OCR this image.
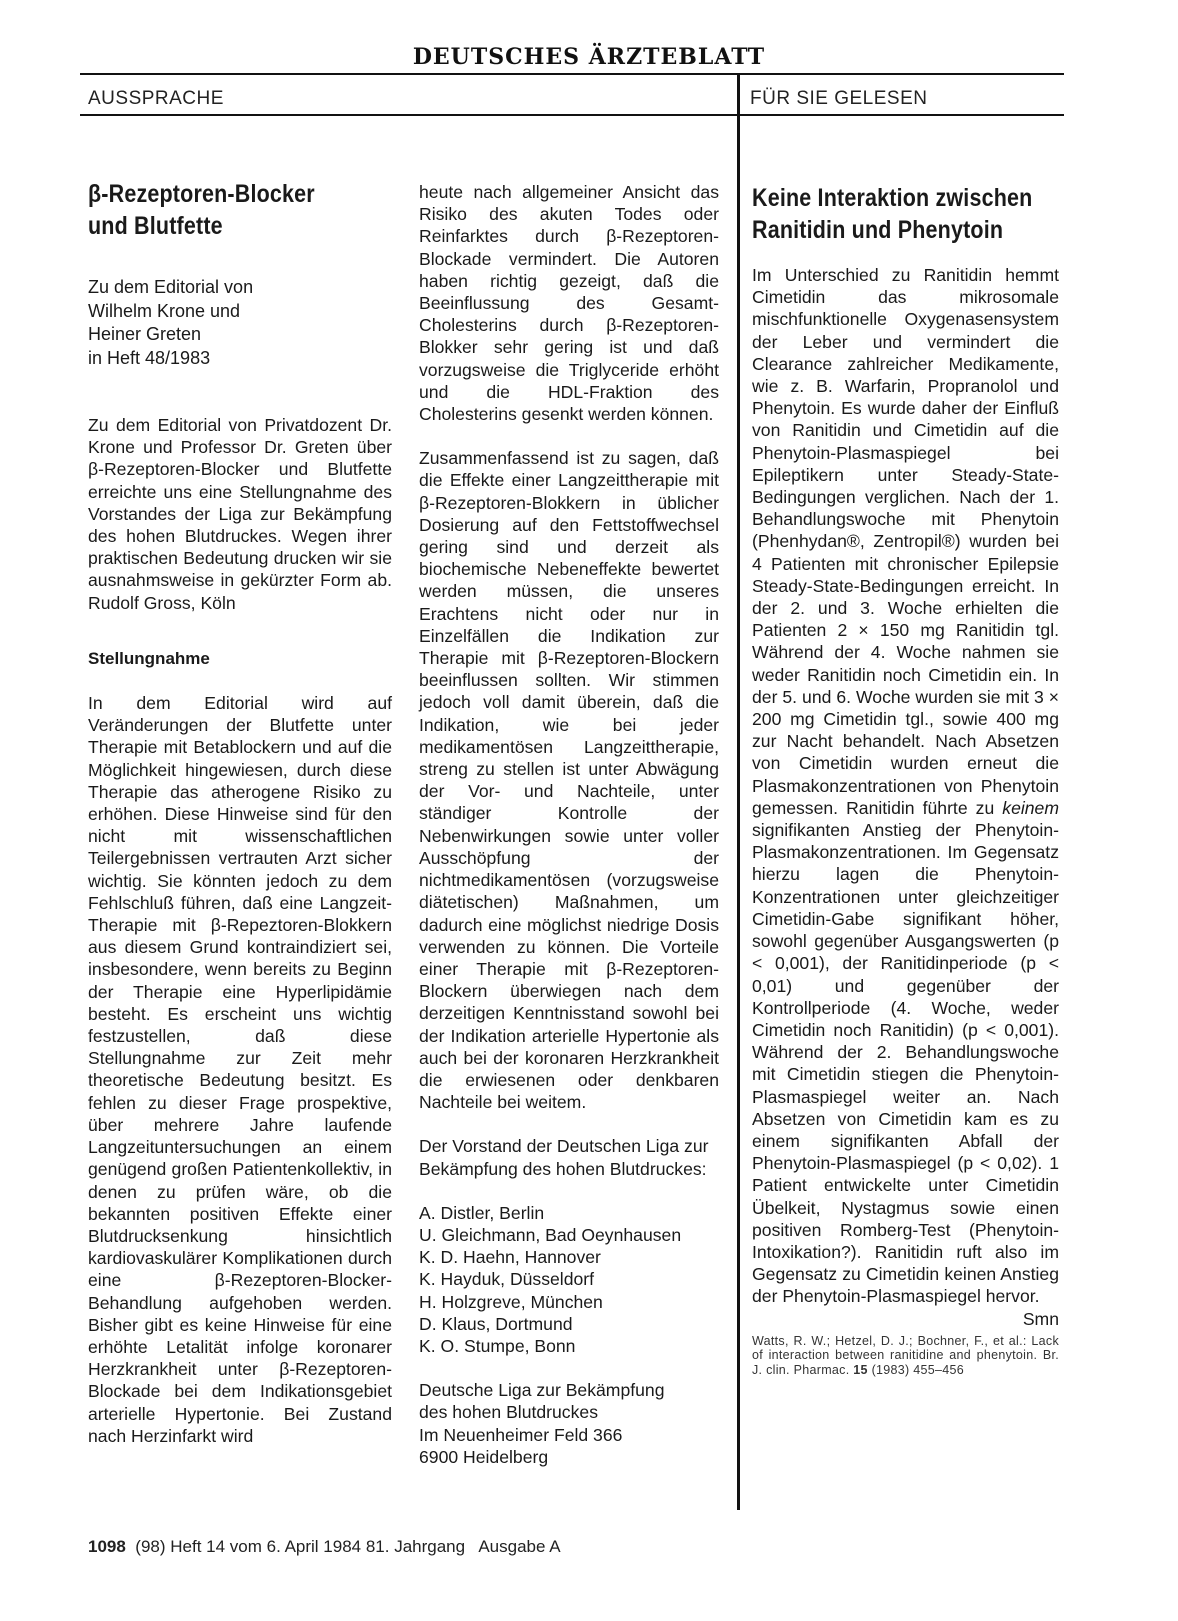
DEUTSCHES ÄRZTEBLATT
AUSSPRACHE	FÜR SIE GELESEN
β-Rezeptoren-Blocker
und Blutfette
Zu dem Editorial von
Wilhelm Krone und
Heiner Greten
in Heft 48/1983

Zu dem Editorial von Privatdozent Dr. Krone und Professor Dr. Greten über β-Rezeptoren-Blocker und Blutfette erreichte uns eine Stellungnahme des Vorstandes der Liga zur Bekämpfung des hohen Blutdruckes. Wegen ihrer praktischen Bedeutung drucken wir sie ausnahmsweise in gekürzter Form ab. Rudolf Gross, Köln

Stellungnahme

In dem Editorial wird auf Veränderungen der Blutfette unter Therapie mit Betablockern und auf die Möglichkeit hingewiesen, durch diese Therapie das atherogene Risiko zu erhöhen. Diese Hinweise sind für den nicht mit wissenschaftlichen Teilergebnissen vertrauten Arzt sicher wichtig. Sie könnten jedoch zu dem Fehlschluß führen, daß eine Langzeit-Therapie mit β-Repeztoren-Blokkern aus diesem Grund kontraindiziert sei, insbesondere, wenn bereits zu Beginn der Therapie eine Hyperlipidämie besteht. Es erscheint uns wichtig festzustellen, daß diese Stellungnahme zur Zeit mehr theoretische Bedeutung besitzt. Es fehlen zu dieser Frage prospektive, über mehrere Jahre laufende Langzeituntersuchungen an einem genügend großen Patientenkollektiv, in denen zu prüfen wäre, ob die bekannten positiven Effekte einer Blutdrucksenkung hinsichtlich kardiovaskulärer Komplikationen durch eine β-Rezeptoren-Blocker-Behandlung aufgehoben werden. Bisher gibt es keine Hinweise für eine erhöhte Letalität infolge koronarer Herzkrankheit unter β-Rezeptoren-Blockade bei dem Indikationsgebiet arterielle Hypertonie. Bei Zustand nach Herzinfarkt wird

heute nach allgemeiner Ansicht das Risiko des akuten Todes oder Reinfarktes durch β-Rezeptoren-Blockade vermindert. Die Autoren haben richtig gezeigt, daß die Beeinflussung des Gesamt-Cholesterins durch β-Rezeptoren-Blokker sehr gering ist und daß vorzugsweise die Triglyceride erhöht und die HDL-Fraktion des Cholesterins gesenkt werden können.

Zusammenfassend ist zu sagen, daß die Effekte einer Langzeittherapie mit β-Rezeptoren-Blokkern in üblicher Dosierung auf den Fettstoffwechsel gering sind und derzeit als biochemische Nebeneffekte bewertet werden müssen, die unseres Erachtens nicht oder nur in Einzelfällen die Indikation zur Therapie mit β-Rezeptoren-Blockern beeinflussen sollten. Wir stimmen jedoch voll damit überein, daß die Indikation, wie bei jeder medikamentösen Langzeittherapie, streng zu stellen ist unter Abwägung der Vor- und Nachteile, unter ständiger Kontrolle der Nebenwirkungen sowie unter voller Ausschöpfung der nichtmedikamentösen (vorzugsweise diätetischen) Maßnahmen, um dadurch eine möglichst niedrige Dosis verwenden zu können. Die Vorteile einer Therapie mit β-Rezeptoren-Blockern überwiegen nach dem derzeitigen Kenntnisstand sowohl bei der Indikation arterielle Hypertonie als auch bei der koronaren Herzkrankheit die erwiesenen oder denkbaren Nachteile bei weitem.

Der Vorstand der Deutschen Liga zur Bekämpfung des hohen Blutdruckes:

A. Distler, Berlin

U. Gleichmann, Bad Oeynhausen

K. D. Haehn, Hannover

K. Hayduk, Düsseldorf

H. Holzgreve, München

D. Klaus, Dortmund

K. O. Stumpe, Bonn

Deutsche Liga zur Bekämpfung

des hohen Blutdruckes

Im Neuenheimer Feld 366

6900 Heidelberg

Keine Interaktion zwischen
Ranitidin und Phenytoin

Im Unterschied zu Ranitidin hemmt Cimetidin das mikrosomale mischfunktionelle Oxygenasensystem der Leber und vermindert die Clearance zahlreicher Medikamente, wie z. B. Warfarin, Propranolol und Phenytoin. Es wurde daher der Einfluß von Ranitidin und Cimetidin auf die Phenytoin-Plasmaspiegel bei Epileptikern unter Steady-State-Bedingungen verglichen. Nach der 1. Behandlungswoche mit Phenytoin (Phenhydan®, Zentropil®) wurden bei 4 Patienten mit chronischer Epilepsie Steady-State-Bedingungen erreicht. In der 2. und 3. Woche erhielten die Patienten 2 × 150 mg Ranitidin tgl. Während der 4. Woche nahmen sie weder Ranitidin noch Cimetidin ein. In der 5. und 6. Woche wurden sie mit 3 × 200 mg Cimetidin tgl., sowie 400 mg zur Nacht behandelt. Nach Absetzen von Cimetidin wurden erneut die Plasmakonzentrationen von Phenytoin gemessen. Ranitidin führte zu keinem signifikanten Anstieg der Phenytoin-Plasmakonzentrationen. Im Gegensatz hierzu lagen die Phenytoin-Konzentrationen unter gleichzeitiger Cimetidin-Gabe signifikant höher, sowohl gegenüber Ausgangswerten (p < 0,001), der Ranitidinperiode (p < 0,01) und gegenüber der Kontrollperiode (4. Woche, weder Cimetidin noch Ranitidin) (p < 0,001). Während der 2. Behandlungswoche mit Cimetidin stiegen die Phenytoin-Plasmaspiegel weiter an. Nach Absetzen von Cimetidin kam es zu einem signifikanten Abfall der Phenytoin-Plasmaspiegel (p < 0,02). 1 Patient entwickelte unter Cimetidin Übelkeit, Nystagmus sowie einen positiven Romberg-Test (Phenytoin-Intoxikation?). Ranitidin ruft also im Gegensatz zu Cimetidin keinen Anstieg der Phenytoin-Plasmaspiegel hervor.
Smn

Watts, R. W.; Hetzel, D. J.; Bochner, F., et al.: Lack of interaction between ranitidine and phenytoin. Br. J. clin. Pharmac. 15 (1983) 455–456
1098 (98) Heft 14 vom 6. April 1984 81. Jahrgang   Ausgabe A
